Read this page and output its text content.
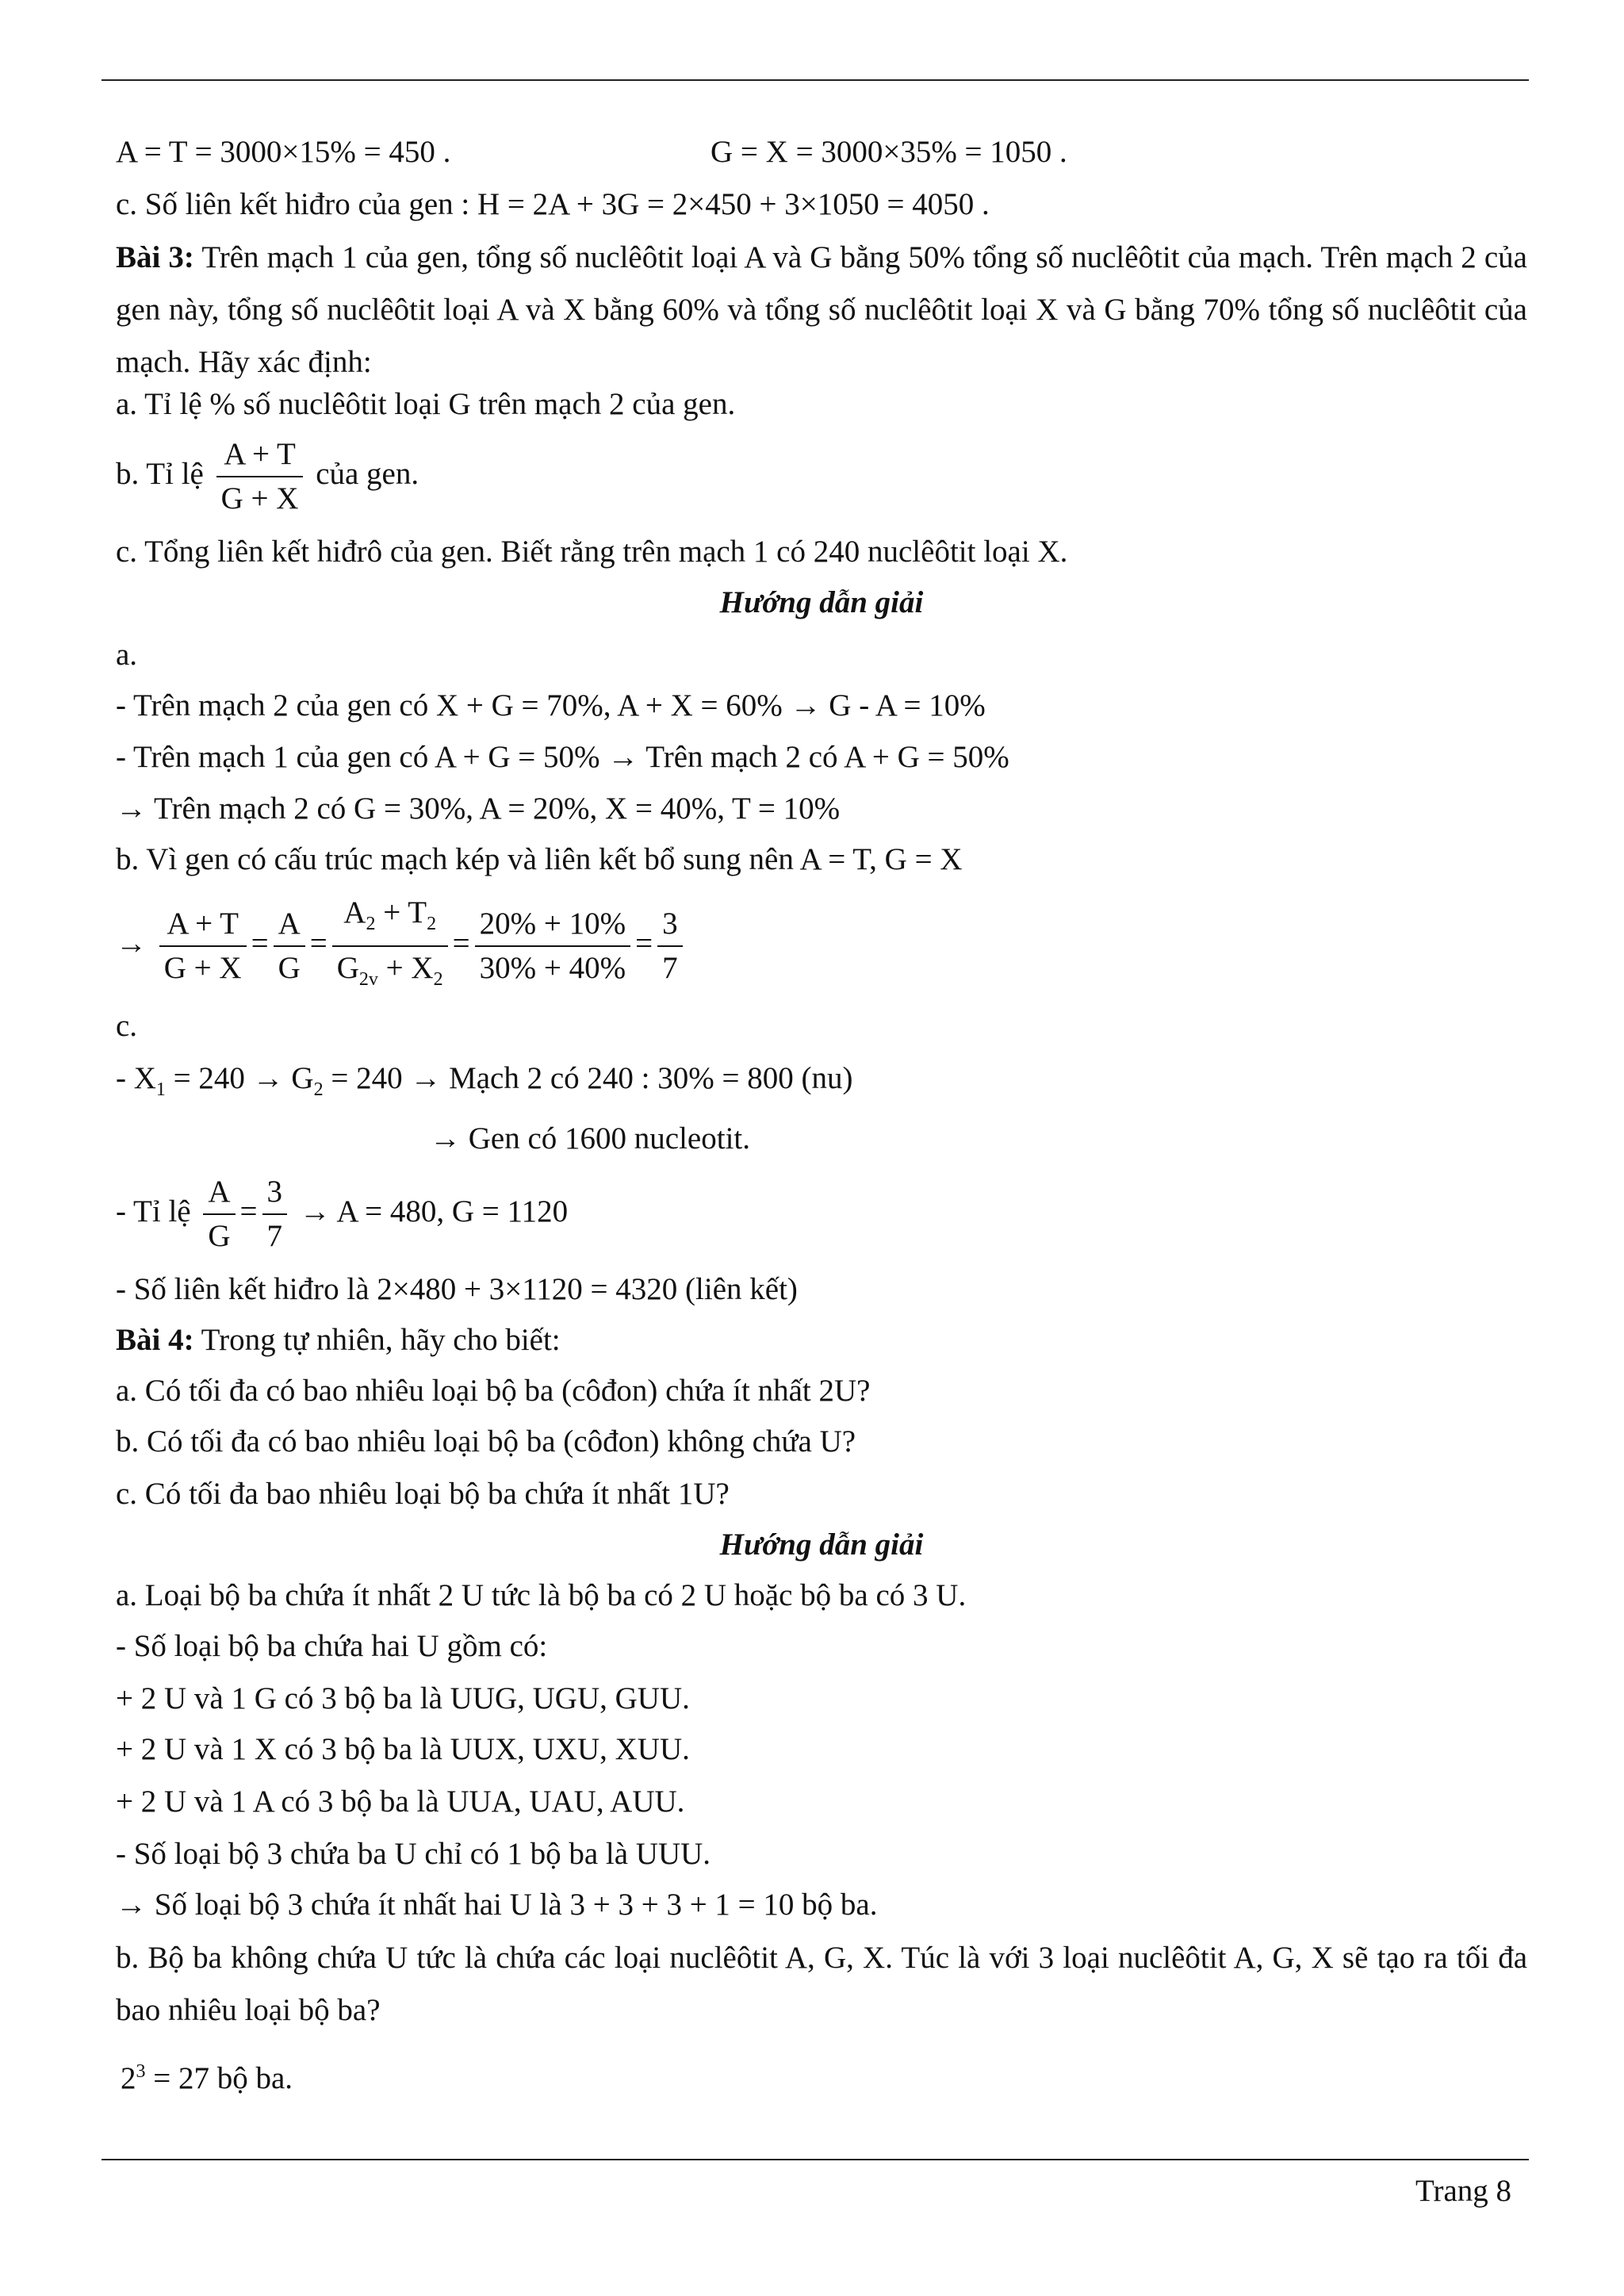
A = T = 3000×15% = 450 .	G = X = 3000×35% = 1050 .
c. Số liên kết hiđro của gen : H = 2A + 3G = 2×450 + 3×1050 = 4050 .
Bài 3: Trên mạch 1 của gen, tổng số nuclêôtit loại A và G bằng 50% tổng số nuclêôtit của mạch. Trên mạch 2 của gen này, tổng số nuclêôtit loại A và X bằng 60% và tổng số nuclêôtit loại X và G bằng 70% tổng số nuclêôtit của mạch. Hãy xác định:
a. Tỉ lệ % số nuclêôtit loại G trên mạch 2 của gen.
b. Tỉ lệ $\frac{A + T}{G + X}$ của gen.
c. Tổng liên kết hiđrô của gen. Biết rằng trên mạch 1 có 240 nuclêôtit loại X.
Hướng dẫn giải
a.
- Trên mạch 2 của gen có X + G = 70%, A + X = 60% → G - A = 10%
- Trên mạch 1 của gen có A + G = 50% → Trên mạch 2 có A + G = 50%
→ Trên mạch 2 có G = 30%, A = 20%, X = 40%, T = 10%
b. Vì gen có cấu trúc mạch kép và liên kết bổ sung nên A = T, G = X
→ $\frac{A + T}{G + X} = \frac{A}{G} = \frac{A_2 + T_2}{G_{2v} + X_2} = \frac{20\% + 10\%}{30\% + 40\%} = \frac{3}{7}$
c.
- $X_1 = 240 \to G_2 = 240$ → Mạch 2 có 240 : 30% = 800 (nu)
→ Gen có 1600 nucleotit.
- Tỉ lệ $\frac{A}{G} = \frac{3}{7} \to A = 480$, G = 1120
- Số liên kết hiđro là 2×480 + 3×1120 = 4320 (liên kết)
Bài 4: Trong tự nhiên, hãy cho biết:
a. Có tối đa có bao nhiêu loại bộ ba (côđon) chứa ít nhất 2U?
b. Có tối đa có bao nhiêu loại bộ ba (côđon) không chứa U?
c. Có tối đa bao nhiêu loại bộ ba chứa ít nhất 1U?
Hướng dẫn giải
a. Loại bộ ba chứa ít nhất 2 U tức là bộ ba có 2 U hoặc bộ ba có 3 U.
- Số loại bộ ba chứa hai U gồm có:
+ 2 U và 1 G có 3 bộ ba là UUG, UGU, GUU.
+ 2 U và 1 X có 3 bộ ba là UUX, UXU, XUU.
+ 2 U và 1 A có 3 bộ ba là UUA, UAU, AUU.
- Số loại bộ 3 chứa ba U chỉ có 1 bộ ba là UUU.
→ Số loại bộ 3 chứa ít nhất hai U là 3 + 3 + 3 + 1 = 10 bộ ba.
b. Bộ ba không chứa U tức là chứa các loại nuclêôtit A, G, X. Túc là với 3 loại nuclêôtit A, G, X sẽ tạo ra tối đa bao nhiêu loại bộ ba?
$2^3 = 27$ bộ ba.
Trang 8
